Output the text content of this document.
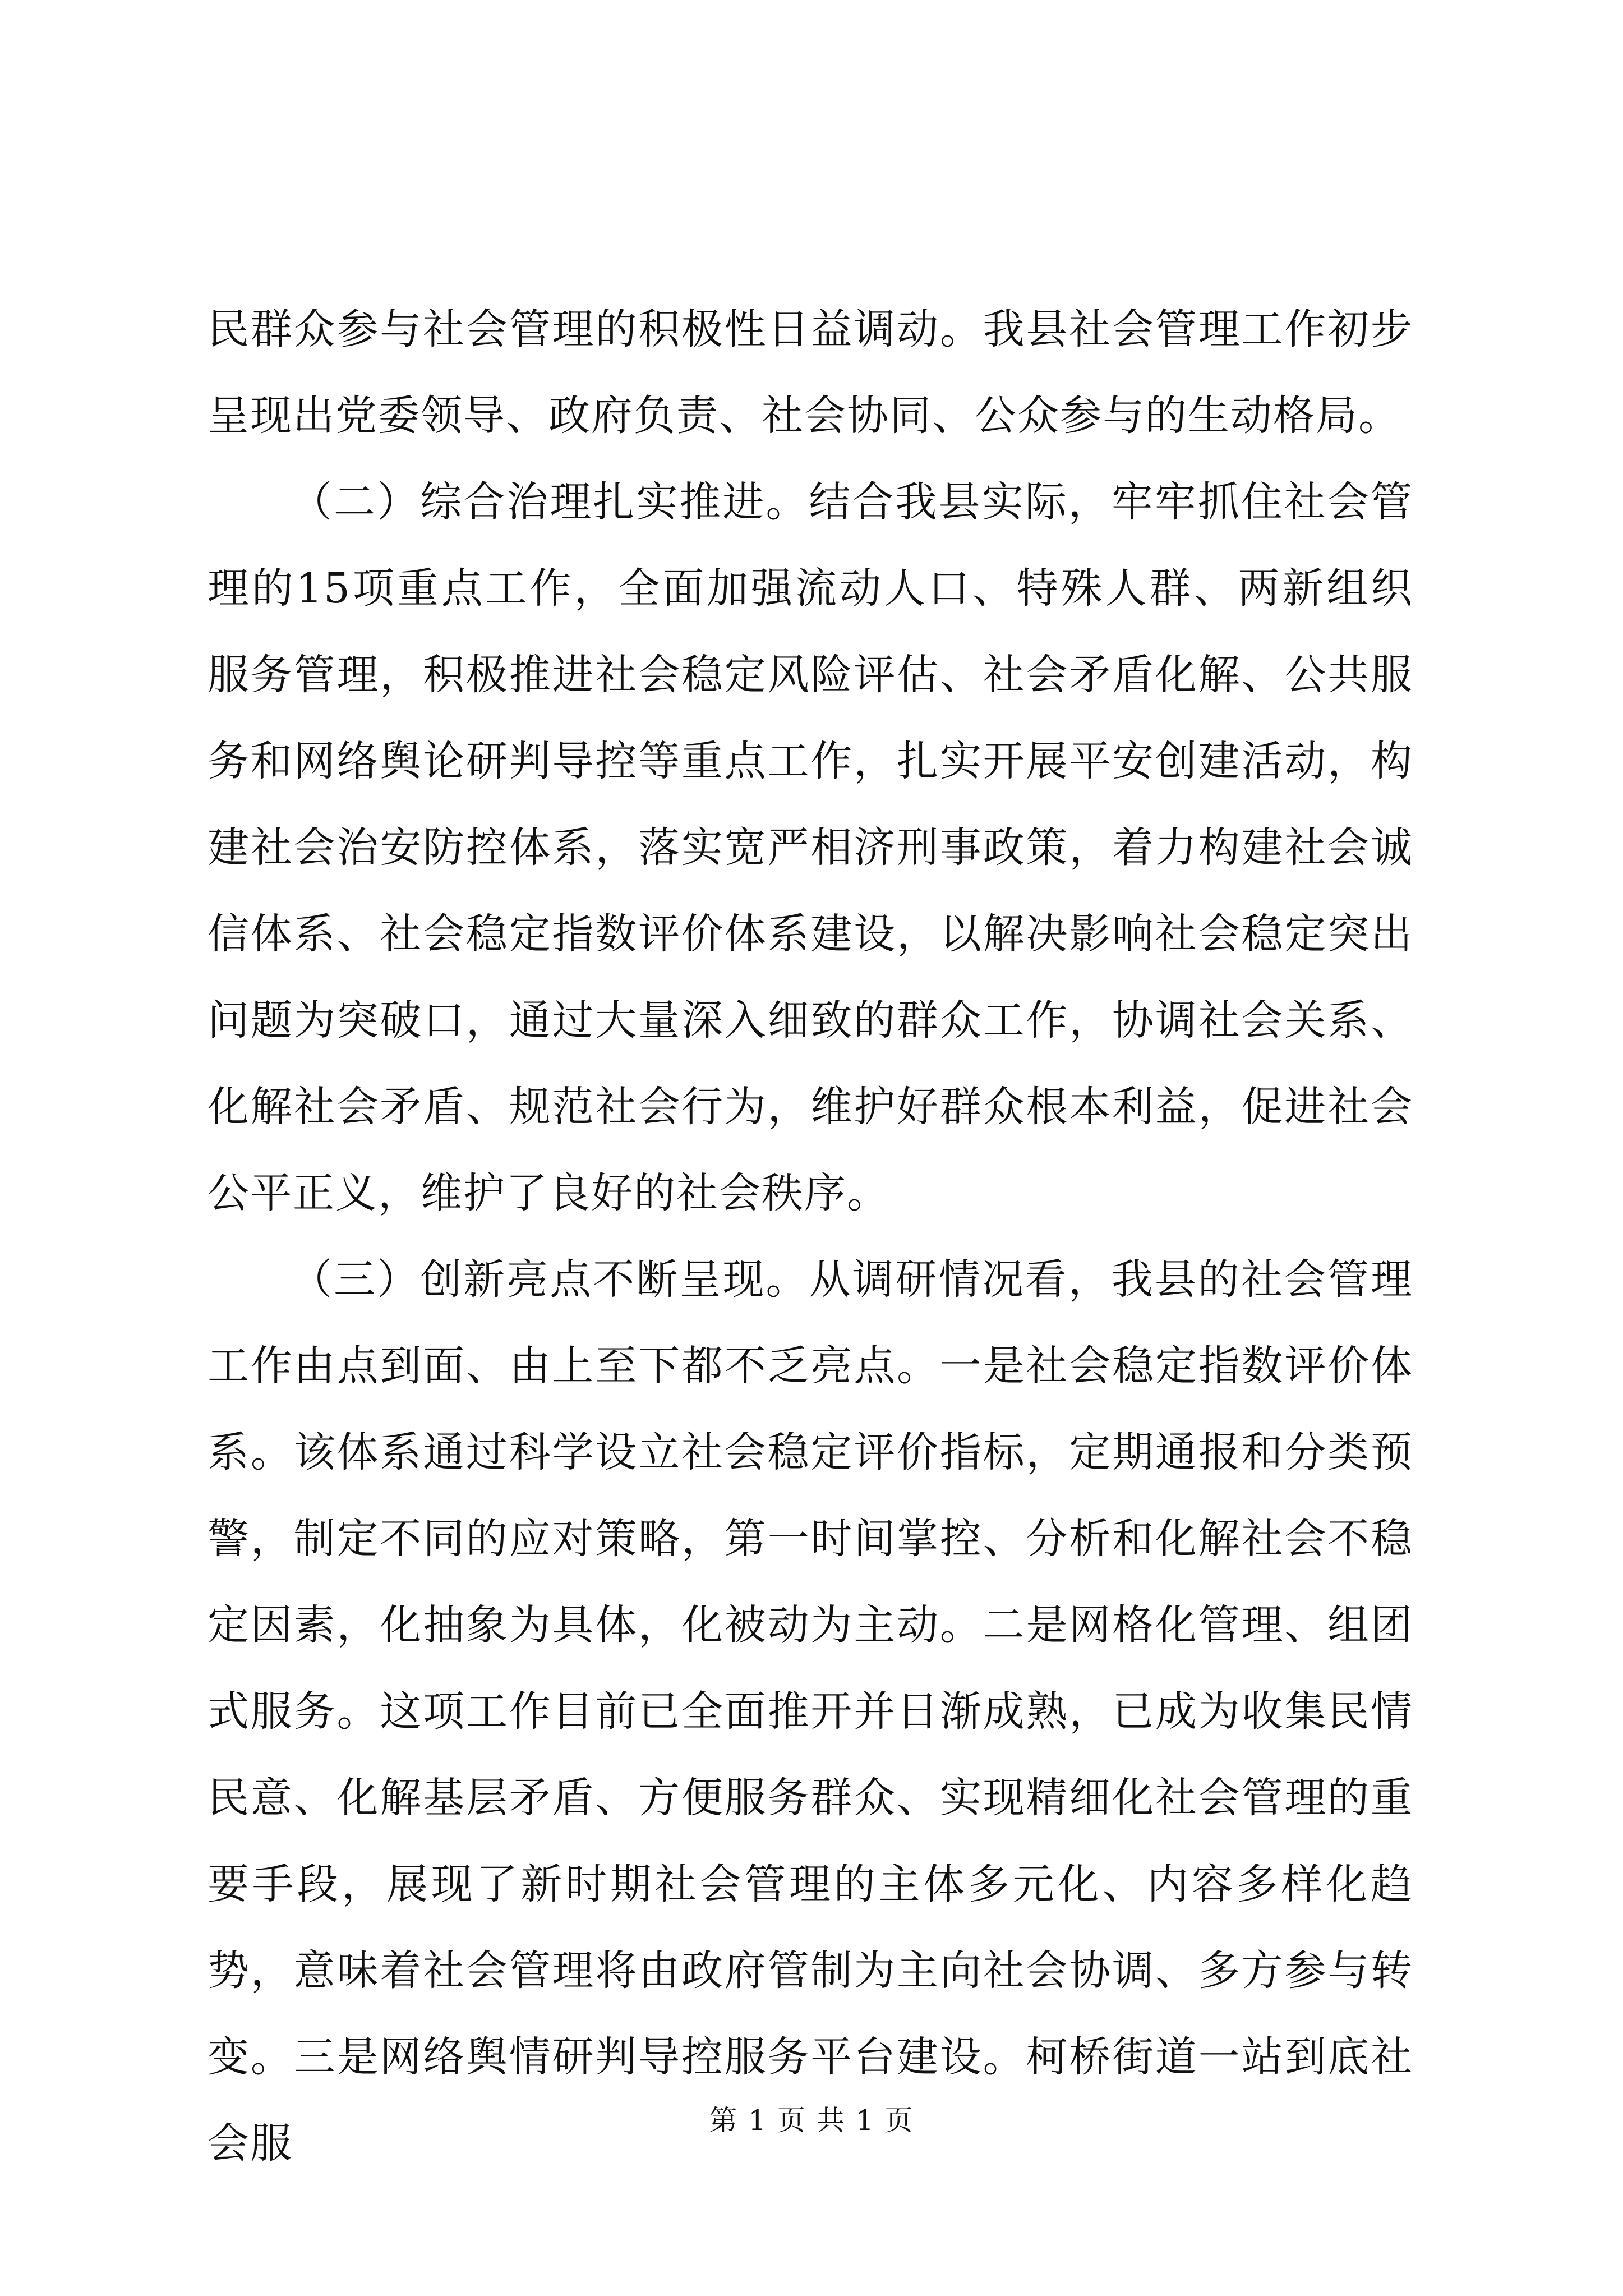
民群众参与社会管理的积极性日益调动。我县社会管理工作初步呈现出党委领导、政府负责、社会协同、公众参与的生动格局。

（二）综合治理扎实推进。结合我县实际，牢牢抓住社会管理的15项重点工作，全面加强流动人口、特殊人群、两新组织服务管理，积极推进社会稳定风险评估、社会矛盾化解、公共服务和网络舆论研判导控等重点工作，扎实开展平安创建活动，构建社会治安防控体系，落实宽严相济刑事政策，着力构建社会诚信体系、社会稳定指数评价体系建设，以解决影响社会稳定突出问题为突破口，通过大量深入细致的群众工作，协调社会关系、化解社会矛盾、规范社会行为，维护好群众根本利益，促进社会公平正义，维护了良好的社会秩序。

（三）创新亮点不断呈现。从调研情况看，我县的社会管理工作由点到面、由上至下都不乏亮点。一是社会稳定指数评价体系。该体系通过科学设立社会稳定评价指标，定期通报和分类预警，制定不同的应对策略，第一时间掌控、分析和化解社会不稳定因素，化抽象为具体，化被动为主动。二是网格化管理、组团式服务。这项工作目前已全面推开并日渐成熟，已成为收集民情民意、化解基层矛盾、方便服务群众、实现精细化社会管理的重要手段，展现了新时期社会管理的主体多元化、内容多样化趋势，意味着社会管理将由政府管制为主向社会协调、多方参与转变。三是网络舆情研判导控服务平台建设。柯桥街道一站到底社会服	第 1 页 共 1 页
